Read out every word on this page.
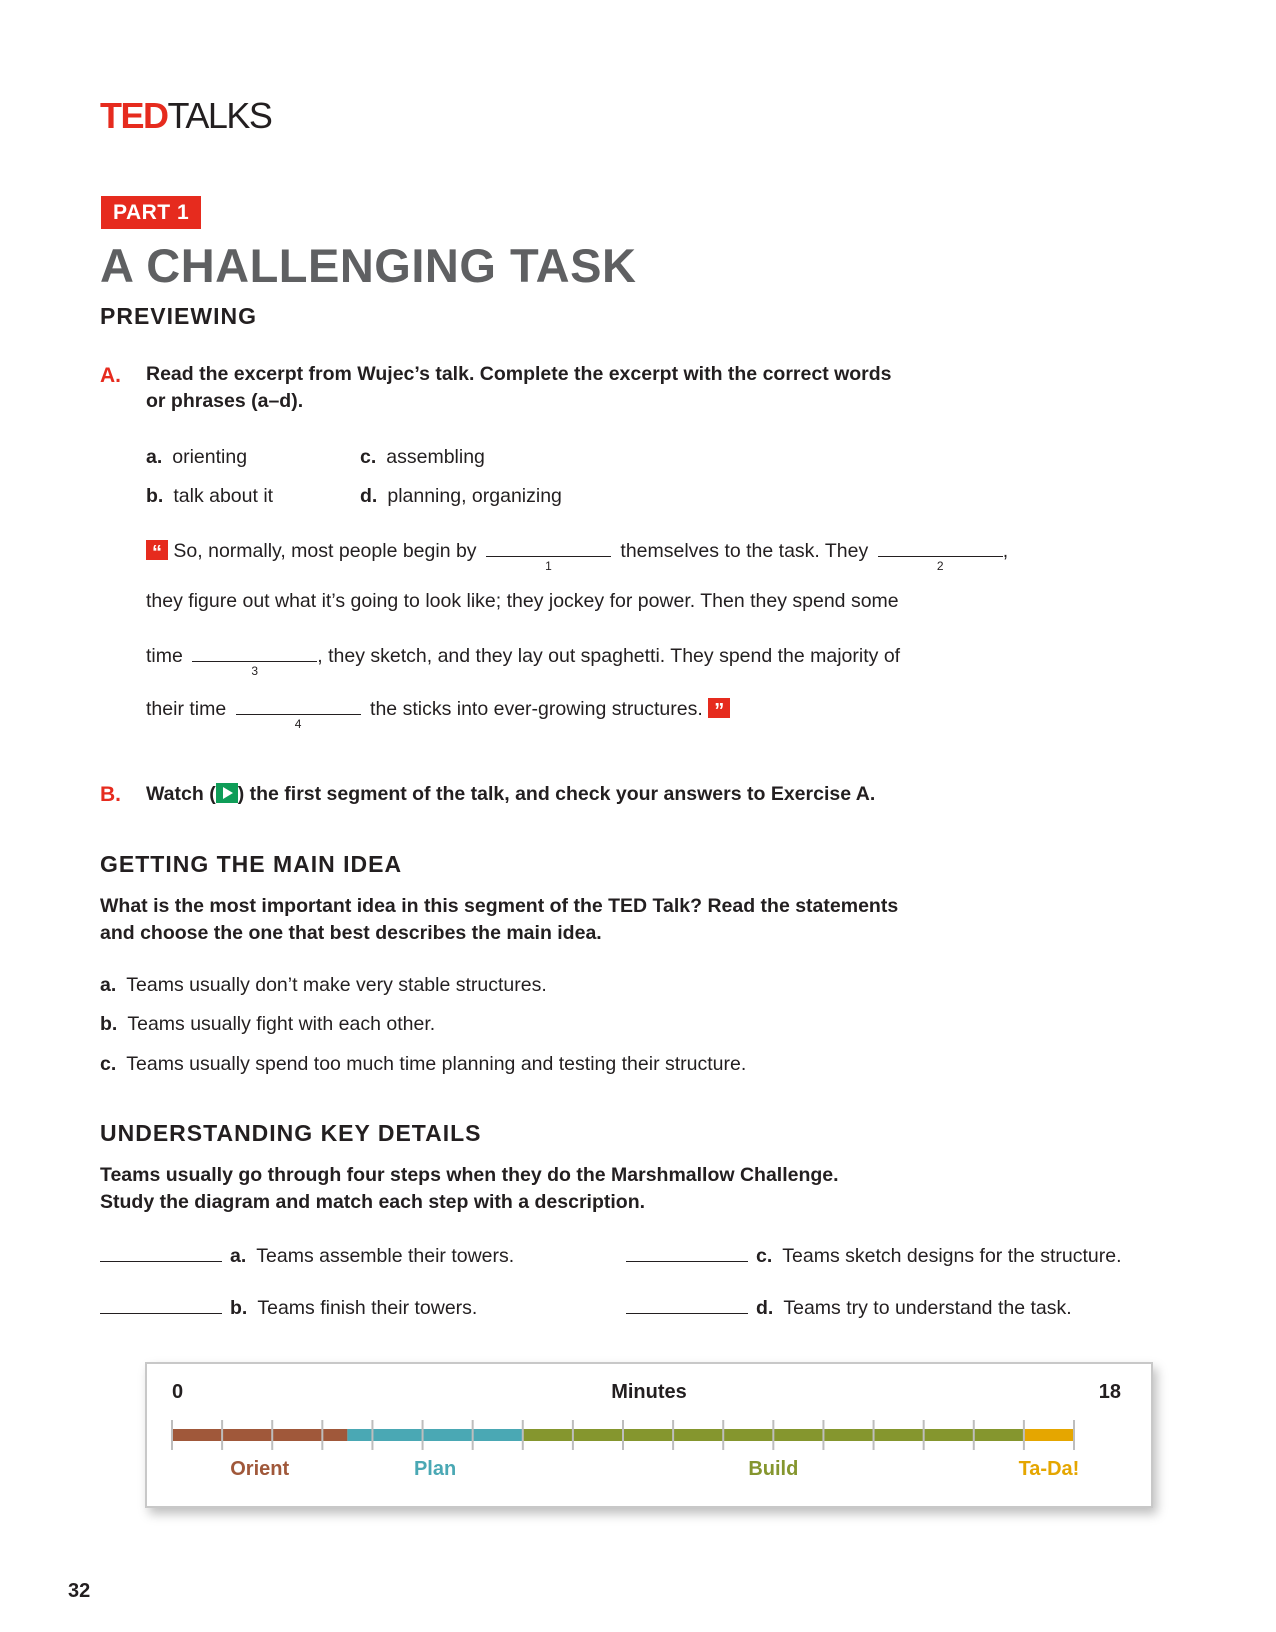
TEDTALKS
PART 1
A CHALLENGING TASK
PREVIEWING
A. Read the excerpt from Wujec’s talk. Complete the excerpt with the correct words
or phrases (a–d).
a. orienting
b. talk about it
c. assembling
d. planning, organizing
“ So, normally, most people begin by
1
themselves to the task. They
2
,
they figure out what it’s going to look like; they jockey for power. Then they spend some
time
3
, they sketch, and they lay out spaghetti. They spend the majority of
their time
4
the sticks into ever-growing structures. ”
B. Watch ( ) the first segment of the talk, and check your answers to Exercise A.
GETTING THE MAIN IDEA
What is the most important idea in this segment of the TED Talk? Read the statements
and choose the one that best describes the main idea.
a. Teams usually don’t make very stable structures.
b. Teams usually fight with each other.
c. Teams usually spend too much time planning and testing their structure.
UNDERSTANDING KEY DETAILS
Teams usually go through four steps when they do the Marshmallow Challenge.
Study the diagram and match each step with a description.
a. Teams assemble their towers.
b. Teams finish their towers.
c. Teams sketch designs for the structure.
d. Teams try to understand the task.
0	Minutes	18
Orient	Plan	Build	Ta-Da!
32
